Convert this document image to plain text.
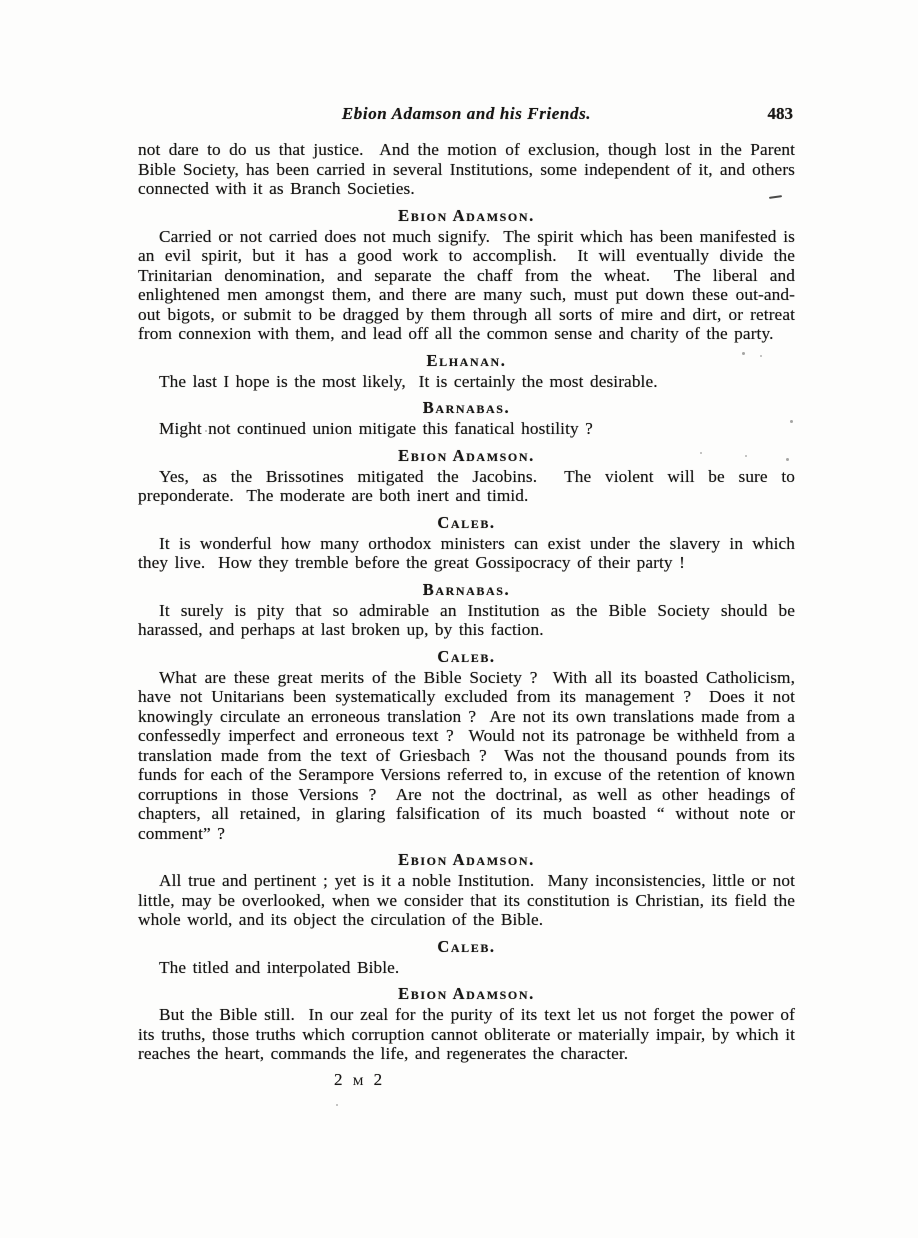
Ebion Adamson and his Friends.	483

not dare to do us that justice.  And the motion of exclusion, though lost in the Parent Bible Society, has been carried in several Institutions, some independent of it, and others connected with it as Branch Societies.

Ebion Adamson.

Carried or not carried does not much signify.  The spirit which has been manifested is an evil spirit, but it has a good work to accomplish.  It will eventually divide the Trinitarian denomination, and separate the chaff from the wheat.  The liberal and enlightened men amongst them, and there are many such, must put down these out-and-out bigots, or submit to be dragged by them through all sorts of mire and dirt, or retreat from connexion with them, and lead off all the common sense and charity of the party.

Elhanan.

The last I hope is the most likely,  It is certainly the most desirable.

Barnabas.

Might not continued union mitigate this fanatical hostility ?

Ebion Adamson.

Yes, as the Brissotines mitigated the Jacobins.  The violent will be sure to preponderate.  The moderate are both inert and timid.

Caleb.

It is wonderful how many orthodox ministers can exist under the slavery in which they live.  How they tremble before the great Gossipocracy of their party !

Barnabas.

It surely is pity that so admirable an Institution as the Bible Society should be harassed, and perhaps at last broken up, by this faction.

Caleb.

What are these great merits of the Bible Society ?  With all its boasted Catholicism, have not Unitarians been systematically excluded from its management ?  Does it not knowingly circulate an erroneous translation ?  Are not its own translations made from a confessedly imperfect and erroneous text ?  Would not its patronage be withheld from a translation made from the text of Griesbach ?  Was not the thousand pounds from its funds for each of the Serampore Versions referred to, in excuse of the retention of known corruptions in those Versions ?  Are not the doctrinal, as well as other headings of chapters, all retained, in glaring falsification of its much boasted “ without note or comment” ?

Ebion Adamson.

All true and pertinent ; yet is it a noble Institution.  Many inconsistencies, little or not little, may be overlooked, when we consider that its constitution is Christian, its field the whole world, and its object the circulation of the Bible.

Caleb.

The titled and interpolated Bible.

Ebion Adamson.

But the Bible still.  In our zeal for the purity of its text let us not forget the power of its truths, those truths which corruption cannot obliterate or materially impair, by which it reaches the heart, commands the life, and regenerates the character.

2 m 2
